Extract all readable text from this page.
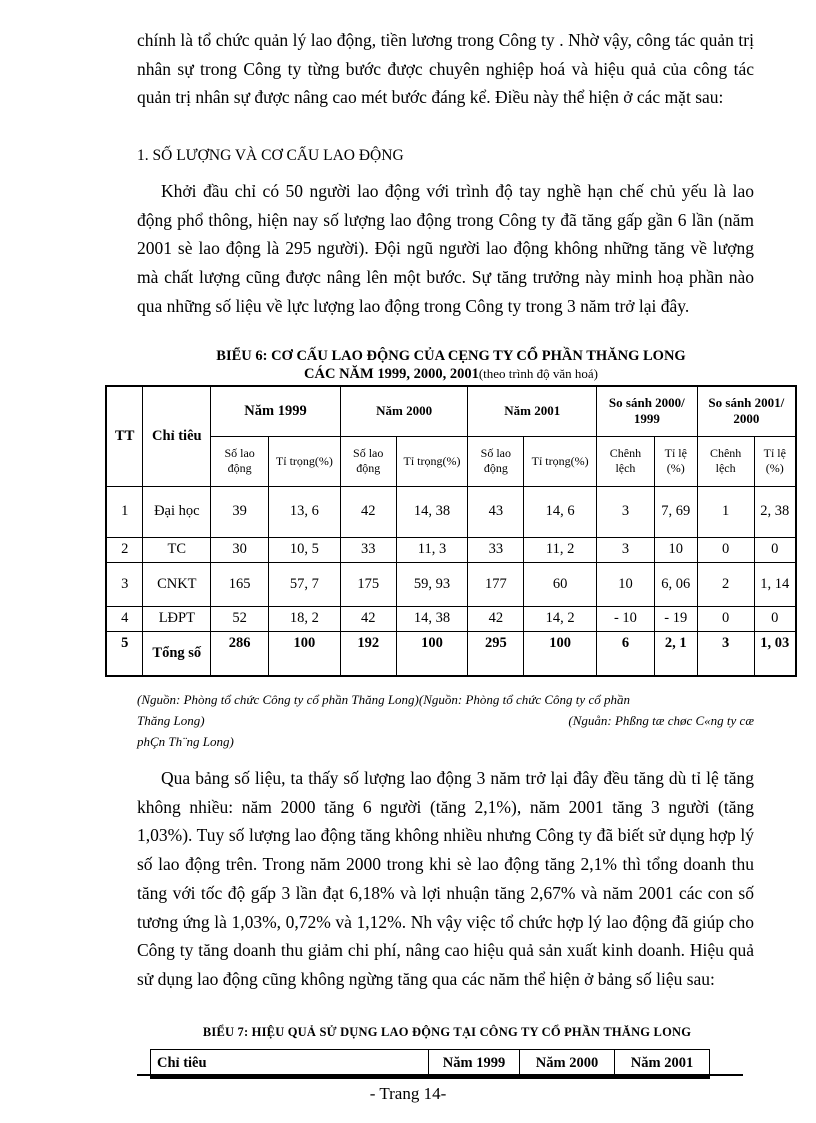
chính là tổ chức quản lý lao động, tiền lương trong Công ty . Nhờ vậy, công tác quản trị nhân sự trong Công ty từng bước được chuyên nghiệp hoá và hiệu quả của công tác quản trị nhân sự được nâng cao mét bước đáng kể. Điều này thể hiện ở các mặt sau:

1. SỐ LƯỢNG VÀ CƠ CẤU LAO ĐỘNG

Khởi đầu chỉ có 50 người lao động với trình độ tay nghề hạn chế chủ yếu là lao động phổ thông, hiện nay số lượng lao động trong Công ty đã tăng gấp gần 6 lần (năm 2001 sè lao động là 295 người). Đội ngũ người lao động không những tăng về lượng mà chất lượng cũng được nâng lên một bước. Sự tăng trưởng này minh hoạ phần nào qua những số liệu về lực lượng lao động trong Công ty trong 3 năm trở lại đây.

BIỂU 6: CƠ CẤU LAO ĐỘNG CỦA CẸNG TY CỔ PHẦN THĂNG LONG
CÁC NĂM 1999, 2000, 2001(theo trình độ văn hoá)

TT	Chỉ tiêu	Năm 1999		Năm 2000		Năm 2001		So sánh 2000/ 1999		So sánh 2001/ 2000	
		Số lao động	Tỉ trọng(%)	Số lao động	Tỉ trọng(%)	Số lao động	Tỉ trọng(%)	Chênh lệch	Tỉ lệ (%)	Chênh lệch	Tỉ lệ (%)
1	Đại học	39	13, 6	42	14, 38	43	14, 6	3	7, 69	1	2, 38
2	TC	30	10, 5	33	11, 3	33	11, 2	3	10	0	0
3	CNKT	165	57, 7	175	59, 93	177	60	10	6, 06	2	1, 14
4	LĐPT	52	18, 2	42	14, 38	42	14, 2	- 10	- 19	0	0
5	Tổng số	286	100	192	100	295	100	6	2, 1	3	1, 03
(Nguồn: Phòng tổ chức Công ty cổ phần Thăng Long)(Nguồn: Phòng tổ chức Công ty cổ phần
Thăng Long)	(Nguån: Phßng tæ chøc C«ng ty cæ
phÇn Th¨ng Long)

Qua bảng số liệu, ta thấy số lượng lao động 3 năm trở lại đây đều tăng dù tỉ lệ tăng không nhiều: năm 2000 tăng 6 người (tăng 2,1%), năm 2001 tăng 3 người (tăng 1,03%). Tuy số lượng lao động tăng không nhiều nhưng Công ty đã biết sử dụng hợp lý số lao động trên. Trong năm 2000 trong khi sè lao động tăng 2,1% thì tổng doanh thu tăng với tốc độ gấp 3 lần đạt 6,18% và lợi nhuận tăng 2,67% và năm 2001 các con số tương ứng là 1,03%, 0,72% và 1,12%. Nh vậy việc tổ chức hợp lý lao động đã giúp cho Công ty tăng doanh thu giảm chi phí, nâng cao hiệu quả sản xuất kinh doanh. Hiệu quả sử dụng lao động cũng không ngừng tăng qua các năm thể hiện ở bảng số liệu sau:

BIỂU 7: HIỆU QUẢ SỬ DỤNG LAO ĐỘNG TẠI CÔNG TY CỔ PHẦN THĂNG LONG

Chỉ tiêu	Năm 1999	Năm 2000	Năm 2001

- Trang 14-
